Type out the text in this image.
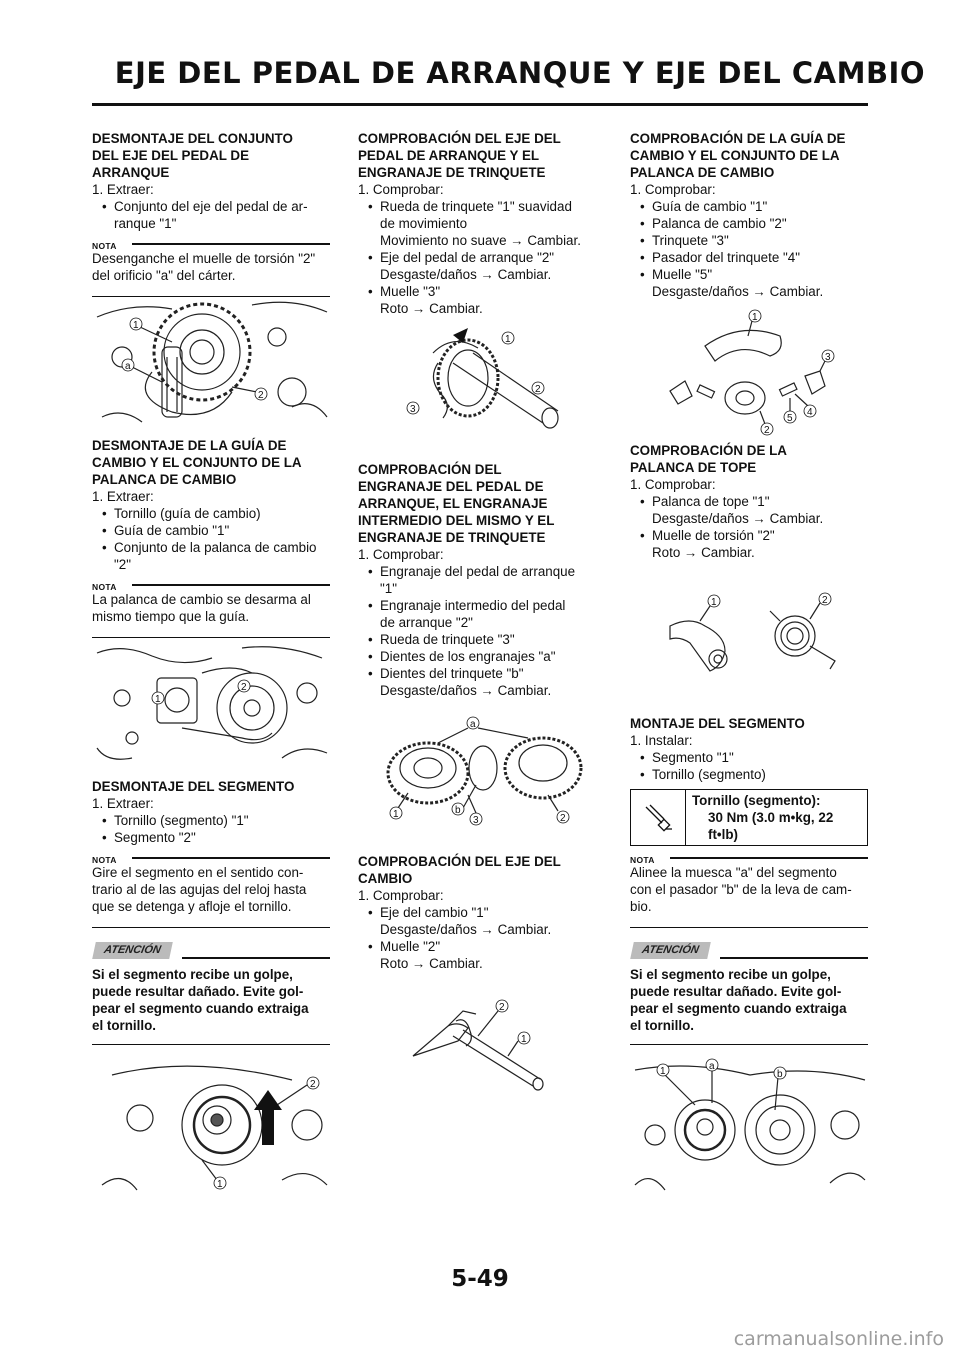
EJE DEL PEDAL DE ARRANQUE Y EJE DEL CAMBIO
DESMONTAJE DEL CONJUNTO
DEL EJE DEL PEDAL DE
ARRANQUE
1. Extraer:
• Conjunto del eje del pedal de ar-
ranque "1"
NOTA
Desenganche el muelle de torsión "2"
del orificio "a" del cárter.
1
a
2
DESMONTAJE DE LA GUÍA DE
CAMBIO Y EL CONJUNTO DE LA
PALANCA DE CAMBIO
1. Extraer:
• Tornillo (guía de cambio)
• Guía de cambio "1"
• Conjunto de la palanca de cambio
"2"
NOTA
La palanca de cambio se desarma al
mismo tiempo que la guía.
1
2
DESMONTAJE DEL SEGMENTO
1. Extraer:
• Tornillo (segmento) "1"
• Segmento "2"
NOTA
Gire el segmento en el sentido con-
trario al de las agujas del reloj hasta
que se detenga y afloje el tornillo.
ATENCIÓN
Si el segmento recibe un golpe,
puede resultar dañado. Evite gol-
pear el segmento cuando extraiga
el tornillo.
2
1
COMPROBACIÓN DEL EJE DEL
PEDAL DE ARRANQUE Y EL
ENGRANAJE DE TRINQUETE
1. Comprobar:
• Rueda de trinquete "1" suavidad
de movimiento
Movimiento no suave → Cambiar.
• Eje del pedal de arranque "2"
Desgaste/daños → Cambiar.
• Muelle "3"
Roto → Cambiar.
1
3
2
COMPROBACIÓN DEL
ENGRANAJE DEL PEDAL DE
ARRANQUE, EL ENGRANAJE
INTERMEDIO DEL MISMO Y EL
ENGRANAJE DE TRINQUETE
1. Comprobar:
• Engranaje del pedal de arranque
"1"
• Engranaje intermedio del pedal
de arranque "2"
• Rueda de trinquete "3"
• Dientes de los engranajes "a"
• Dientes del trinquete "b"
Desgaste/daños → Cambiar.
a
1	b
3	2
COMPROBACIÓN DEL EJE DEL
CAMBIO
1. Comprobar:
• Eje del cambio "1"
Desgaste/daños → Cambiar.
• Muelle "2"
Roto → Cambiar.
2
1
COMPROBACIÓN DE LA GUÍA DE
CAMBIO Y EL CONJUNTO DE LA
PALANCA DE CAMBIO
1. Comprobar:
• Guía de cambio "1"
• Palanca de cambio "2"
• Trinquete "3"
• Pasador del trinquete "4"
• Muelle "5"
Desgaste/daños → Cambiar.
1
3
2
5
4
COMPROBACIÓN DE LA
PALANCA DE TOPE
1. Comprobar:
• Palanca de tope "1"
Desgaste/daños → Cambiar.
• Muelle de torsión "2"
Roto → Cambiar.
1	2
MONTAJE DEL SEGMENTO
1. Instalar:
• Segmento "1"
• Tornillo (segmento)
Tornillo (segmento):
30 Nm (3.0 m•kg, 22
ft•lb)
NOTA
Alinee la muesca "a" del segmento
con el pasador "b" de la leva de cam-
bio.
ATENCIÓN
Si el segmento recibe un golpe,
puede resultar dañado. Evite gol-
pear el segmento cuando extraiga
el tornillo.
1	a
b
5-49
carmanualsonline.info
